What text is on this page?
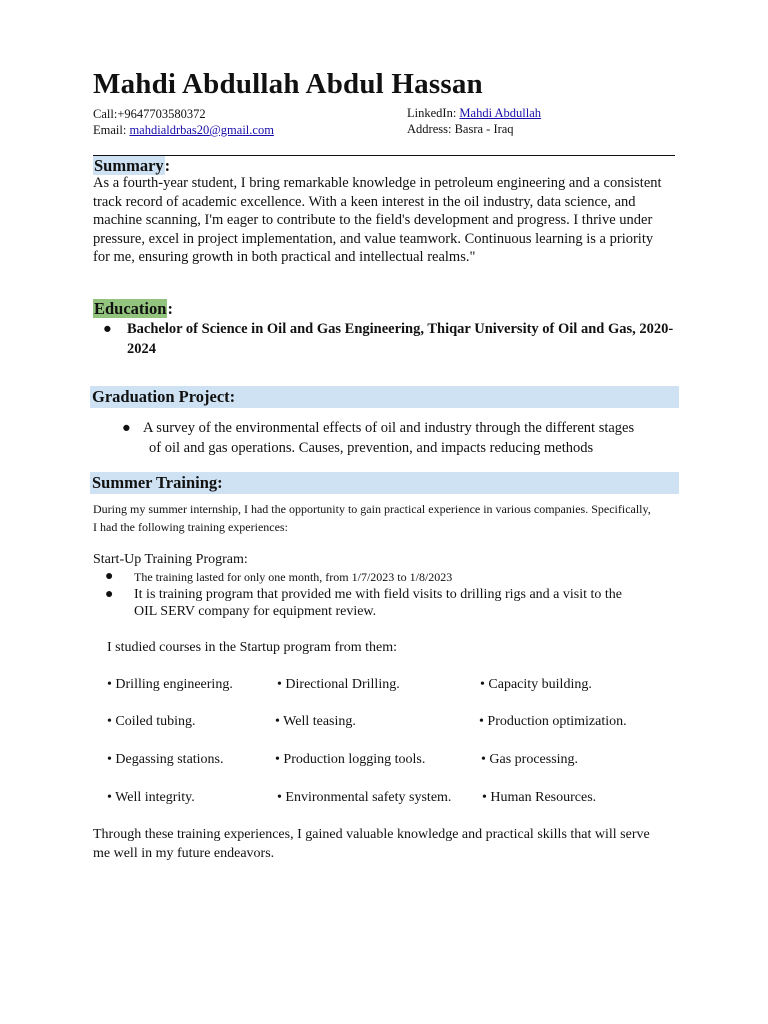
Mahdi Abdullah Abdul Hassan
Call:+9647703580372
Email: mahdialdrbas20@gmail.com
LinkedIn: Mahdi Abdullah
Address: Basra - Iraq
Summary:

As a fourth-year student, I bring remarkable knowledge in petroleum engineering and a consistent track record of academic excellence. With a keen interest in the oil industry, data science, and machine scanning, I'm eager to contribute to the field's development and progress. I thrive under pressure, excel in project implementation, and value teamwork. Continuous learning is a priority for me, ensuring growth in both practical and intellectual realms."

Education:
●	Bachelor of Science in Oil and Gas Engineering, Thiqar University of Oil and Gas, 2020-2024
Graduation Project:
● A survey of the environmental effects of oil and industry through the different stages
of oil and gas operations. Causes, prevention, and impacts reducing methods
Summer Training:

During my summer internship, I had the opportunity to gain practical experience in various companies. Specifically, I had the following training experiences:

Start-Up Training Program:
●	The training lasted for only one month, from 1/7/2023 to 1/8/2023
●	It is training program that provided me with field visits to drilling rigs and a visit to the OIL SERV company for equipment review.
I studied courses in the Startup program from them:
• Drilling engineering.	• Directional Drilling.	• Capacity building.
• Coiled tubing.	• Well teasing.	• Production optimization.
• Degassing stations.	• Production logging tools.	• Gas processing.
• Well integrity.	• Environmental safety system. • Human Resources.

Through these training experiences, I gained valuable knowledge and practical skills that will serve me well in my future endeavors.
